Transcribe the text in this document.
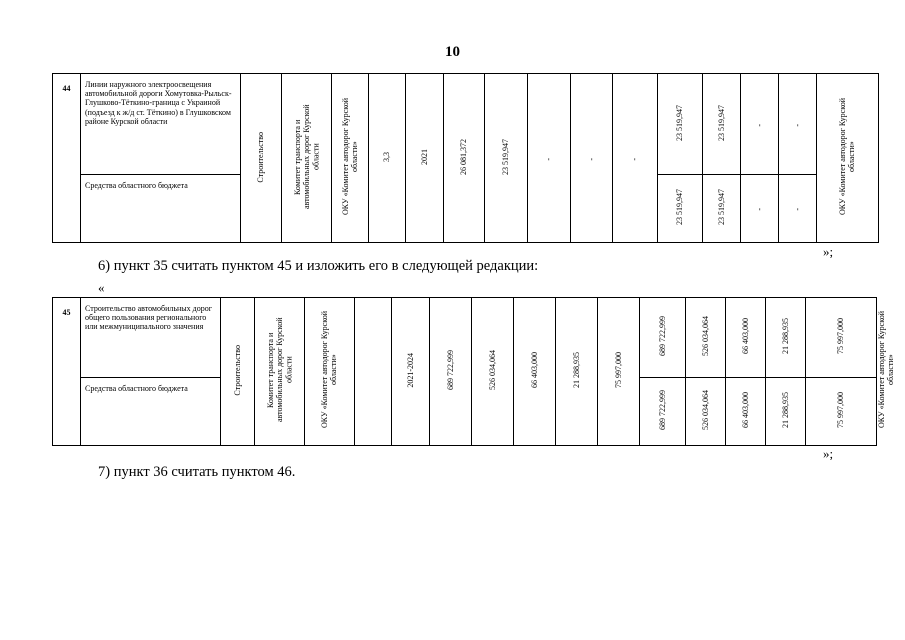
10
44	Линии наружного электроосвещения автомобильной дороги Хомутовка-Рыльск-Глушково-Тёткино-граница с Украиной (подъезд к ж/д ст. Тёткино) в Глушковском районе Курской области	Строительство	Комитет транспорта и автомобильных дорог Курской области	ОКУ «Комитет автодорог Курской области»	3,3	2021	26 081,372	23 519,947	-	-	-	23 519,947	23 519,947	-	-	ОКУ «Комитет автодорог Курской области»
	Средства областного бюджета											23 519,947	23 519,947	-	-	
»;
6) пункт 35 считать пунктом 45 и изложить его в следующей редакции:
«
45	Строительство автомобильных дорог общего пользования регионального или межмуниципального значения	Строительство	Комитет транспорта и автомобильных дорог Курской области	ОКУ «Комитет автодорог Курской области»		2021-2024	689 722,999	526 034,064	66 403,000	21 288,935	75 997,000	689 722,999	526 034,064	66 403,000	21 288,935	75 997,000	ОКУ «Комитет автодорог Курской области»
	Средства областного бюджета											689 722,999	526 034,064	66 403,000	21 288,935	75 997,000	
»;
7) пункт 36 считать пунктом 46.
